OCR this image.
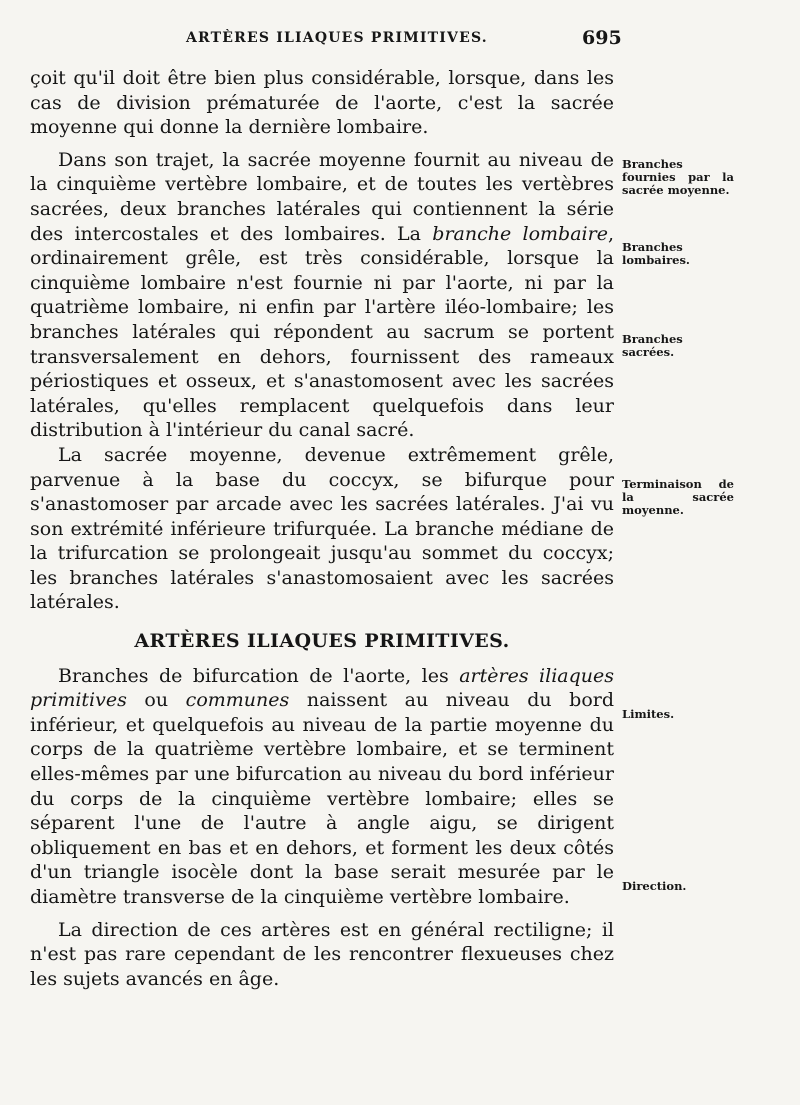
ARTÈRES ILIAQUES PRIMITIVES.	695

çoit qu'il doit être bien plus considérable, lorsque, dans les cas de division prématurée de l'aorte, c'est la sacrée moyenne qui donne la dernière lombaire.

Dans son trajet, la sacrée moyenne fournit au niveau de la cinquième vertèbre lombaire, et de toutes les vertèbres sacrées, deux branches latérales qui contiennent la série des intercostales et des lombaires. La branche lombaire, ordinairement grêle, est très considérable, lorsque la cinquième lombaire n'est fournie ni par l'aorte, ni par la quatrième lombaire, ni enfin par l'artère iléo-lombaire; les branches latérales qui répondent au sacrum se portent transversalement en dehors, fournissent des rameaux périostiques et osseux, et s'anastomosent avec les sacrées latérales, qu'elles remplacent quelquefois dans leur distribution à l'intérieur du canal sacré.

La sacrée moyenne, devenue extrêmement grêle, parvenue à la base du coccyx, se bifurque pour s'anastomoser par arcade avec les sacrées latérales. J'ai vu son extrémité inférieure trifurquée. La branche médiane de la trifurcation se prolongeait jusqu'au sommet du coccyx; les branches latérales s'anastomosaient avec les sacrées latérales.

ARTÈRES ILIAQUES PRIMITIVES.

Branches de bifurcation de l'aorte, les artères iliaques primitives ou communes naissent au niveau du bord inférieur, et quelquefois au niveau de la partie moyenne du corps de la quatrième vertèbre lombaire, et se terminent elles-mêmes par une bifurcation au niveau du bord inférieur du corps de la cinquième vertèbre lombaire; elles se séparent l'une de l'autre à angle aigu, se dirigent obliquement en bas et en dehors, et forment les deux côtés d'un triangle isocèle dont la base serait mesurée par le diamètre transverse de la cinquième vertèbre lombaire.

La direction de ces artères est en général rectiligne; il n'est pas rare cependant de les rencontrer flexueuses chez les sujets avancés en âge.

Branches fournies par la sacrée moyenne.
Branches lombaires.
Branches sacrées.
Terminaison de la sacrée moyenne.
Limites.
Direction.
